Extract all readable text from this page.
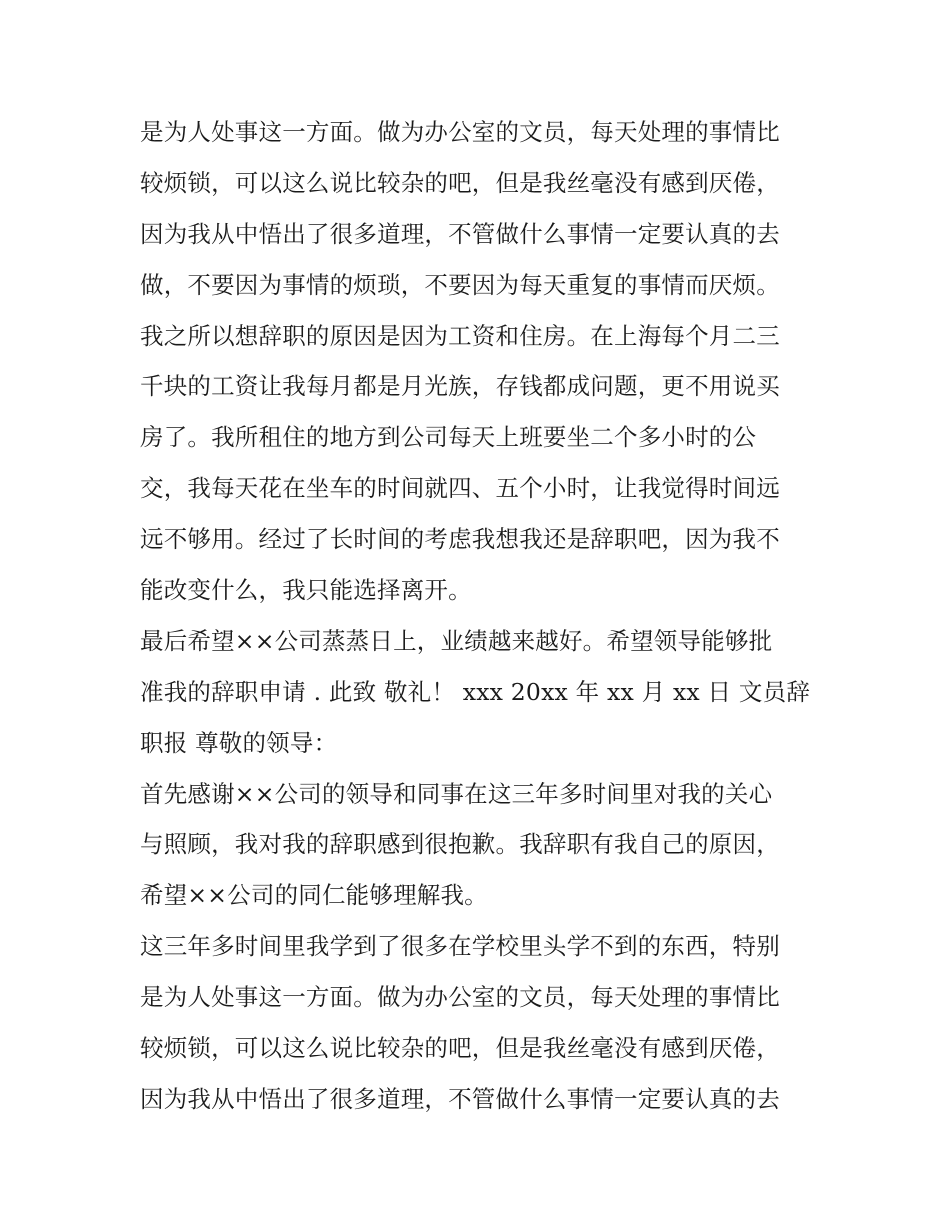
是为人处事这一方面。做为办公室的文员，每天处理的事情比
较烦锁，可以这么说比较杂的吧，但是我丝毫没有感到厌倦，
因为我从中悟出了很多道理，不管做什么事情一定要认真的去
做，不要因为事情的烦琐，不要因为每天重复的事情而厌烦。
我之所以想辞职的原因是因为工资和住房。在上海每个月二三
千块的工资让我每月都是月光族，存钱都成问题，更不用说买
房了。我所租住的地方到公司每天上班要坐二个多小时的公
交，我每天花在坐车的时间就四、五个小时，让我觉得时间远
远不够用。经过了长时间的考虑我想我还是辞职吧，因为我不
能改变什么，我只能选择离开。
最后希望××公司蒸蒸日上，业绩越来越好。希望领导能够批
准我的辞职申请 . 此致 敬礼！ xxx 20xx 年 xx 月 xx 日 文员辞
职报 尊敬的领导：
首先感谢××公司的领导和同事在这三年多时间里对我的关心
与照顾，我对我的辞职感到很抱歉。我辞职有我自己的原因，
希望××公司的同仁能够理解我。
这三年多时间里我学到了很多在学校里头学不到的东西，特别
是为人处事这一方面。做为办公室的文员，每天处理的事情比
较烦锁，可以这么说比较杂的吧，但是我丝毫没有感到厌倦，
因为我从中悟出了很多道理，不管做什么事情一定要认真的去
